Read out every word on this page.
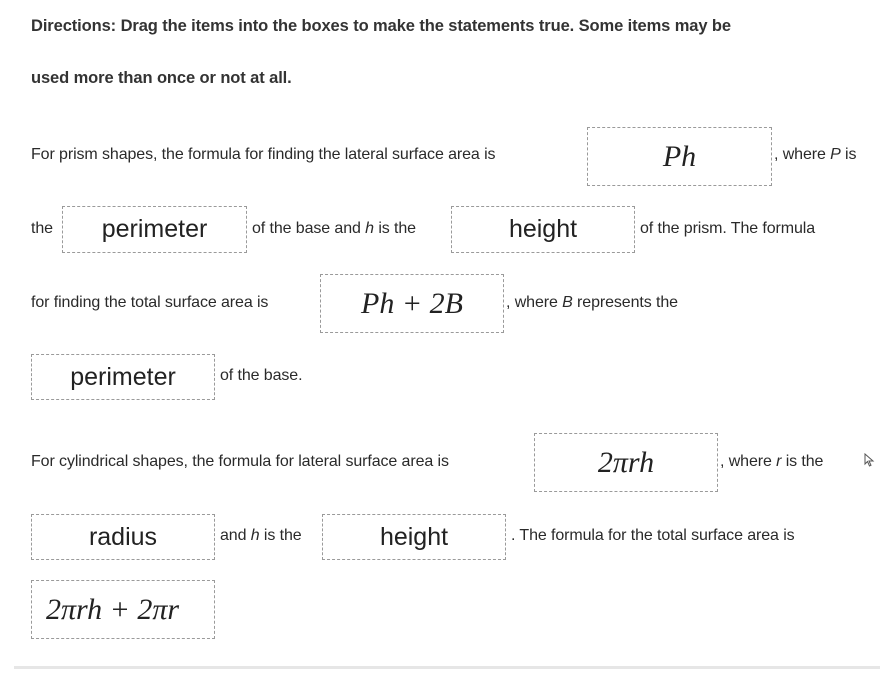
Directions: Drag the items into the boxes to make the statements true. Some items may be
used more than once or not at all.
For prism shapes, the formula for finding the lateral surface area is	Ph	, where P is
the perimeter	of the base and h is the	height	of the prism. The formula
for finding the total surface area is	Ph + 2B	, where B represents the
perimeter	of the base.
For cylindrical shapes, the formula for lateral surface area is	2πrh	, where r is the
radius	and h is the	height	. The formula for the total surface area is
2πrh + 2πr
